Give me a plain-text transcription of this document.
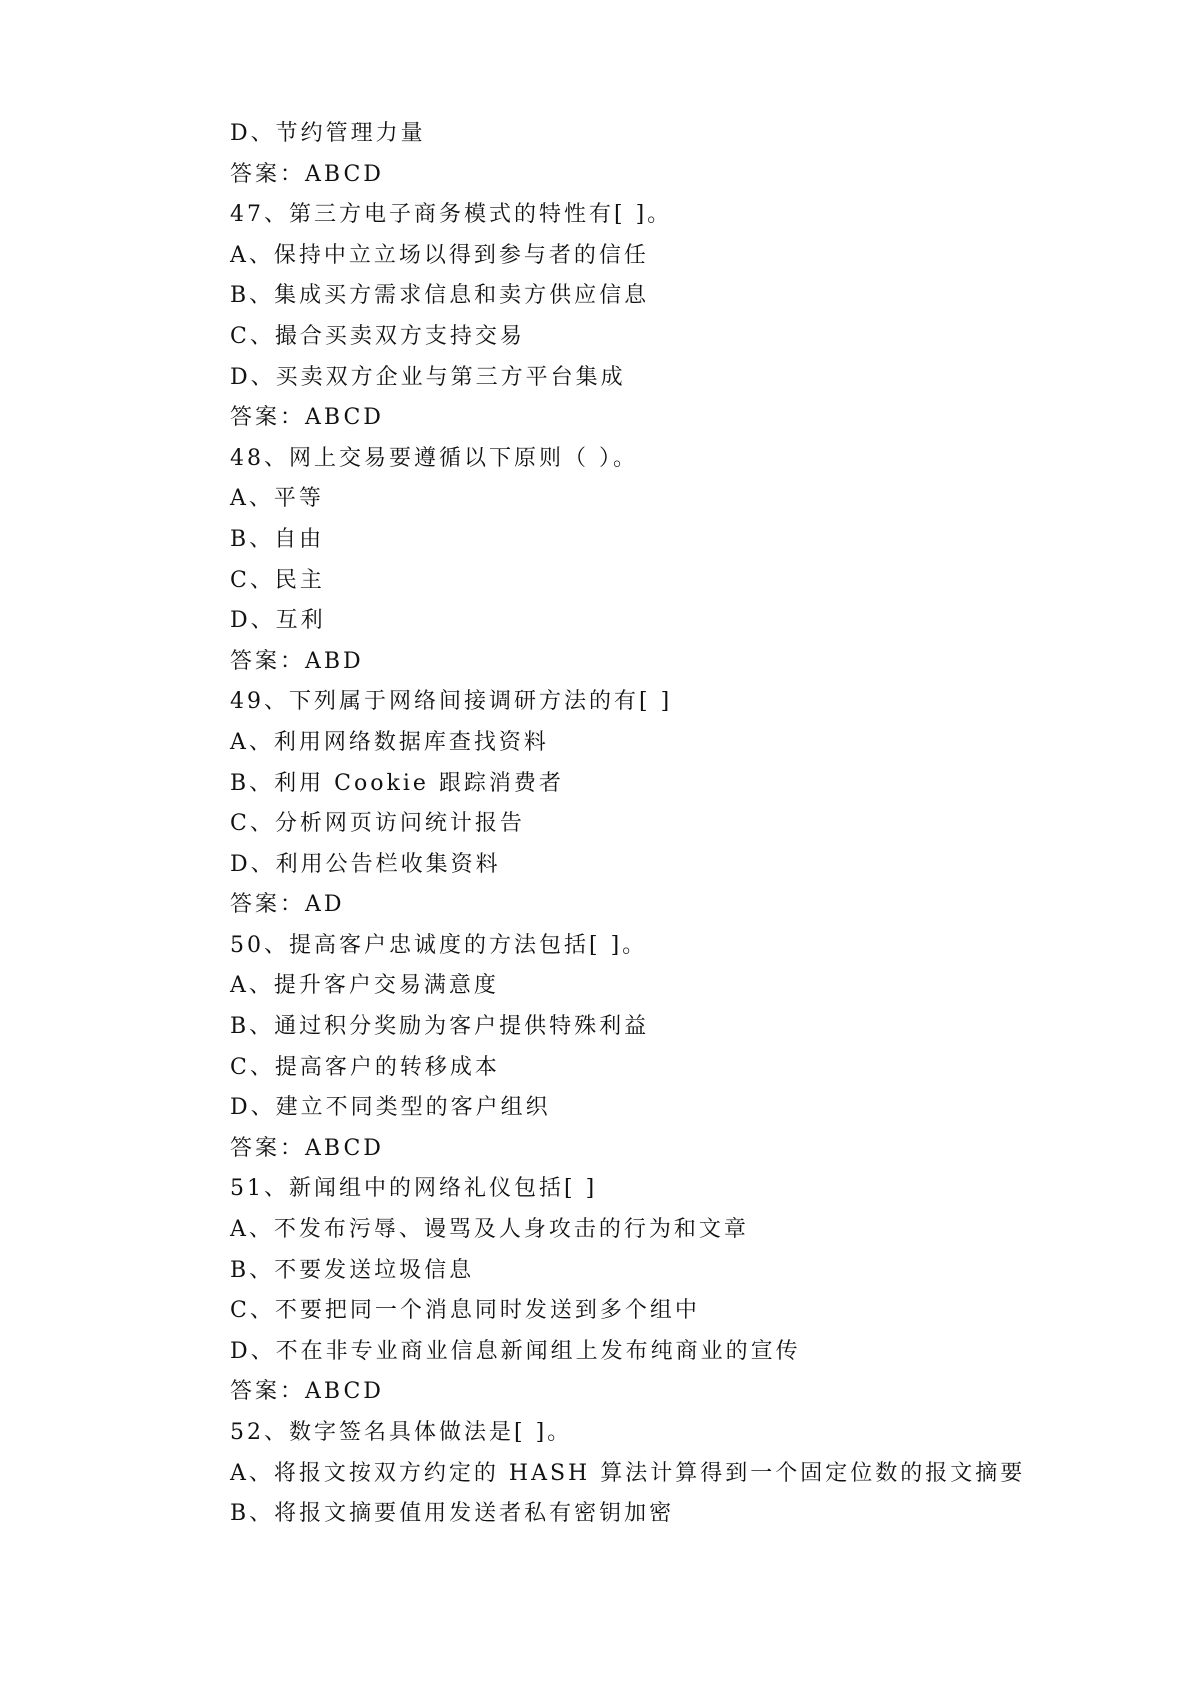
D、节约管理力量
答案：ABCD
47、第三方电子商务模式的特性有[ ]。
A、保持中立立场以得到参与者的信任
B、集成买方需求信息和卖方供应信息
C、撮合买卖双方支持交易
D、买卖双方企业与第三方平台集成
答案：ABCD
48、网上交易要遵循以下原则（ ）。
A、平等
B、自由
C、民主
D、互利
答案：ABD
49、下列属于网络间接调研方法的有[ ]
A、利用网络数据库查找资料
B、利用 Cookie 跟踪消费者
C、分析网页访问统计报告
D、利用公告栏收集资料
答案：AD
50、提高客户忠诚度的方法包括[ ]。
A、提升客户交易满意度
B、通过积分奖励为客户提供特殊利益
C、提高客户的转移成本
D、建立不同类型的客户组织
答案：ABCD
51、新闻组中的网络礼仪包括[ ]
A、不发布污辱、谩骂及人身攻击的行为和文章
B、不要发送垃圾信息
C、不要把同一个消息同时发送到多个组中
D、不在非专业商业信息新闻组上发布纯商业的宣传
答案：ABCD
52、数字签名具体做法是[ ]。
A、将报文按双方约定的 HASH 算法计算得到一个固定位数的报文摘要
B、将报文摘要值用发送者私有密钥加密
